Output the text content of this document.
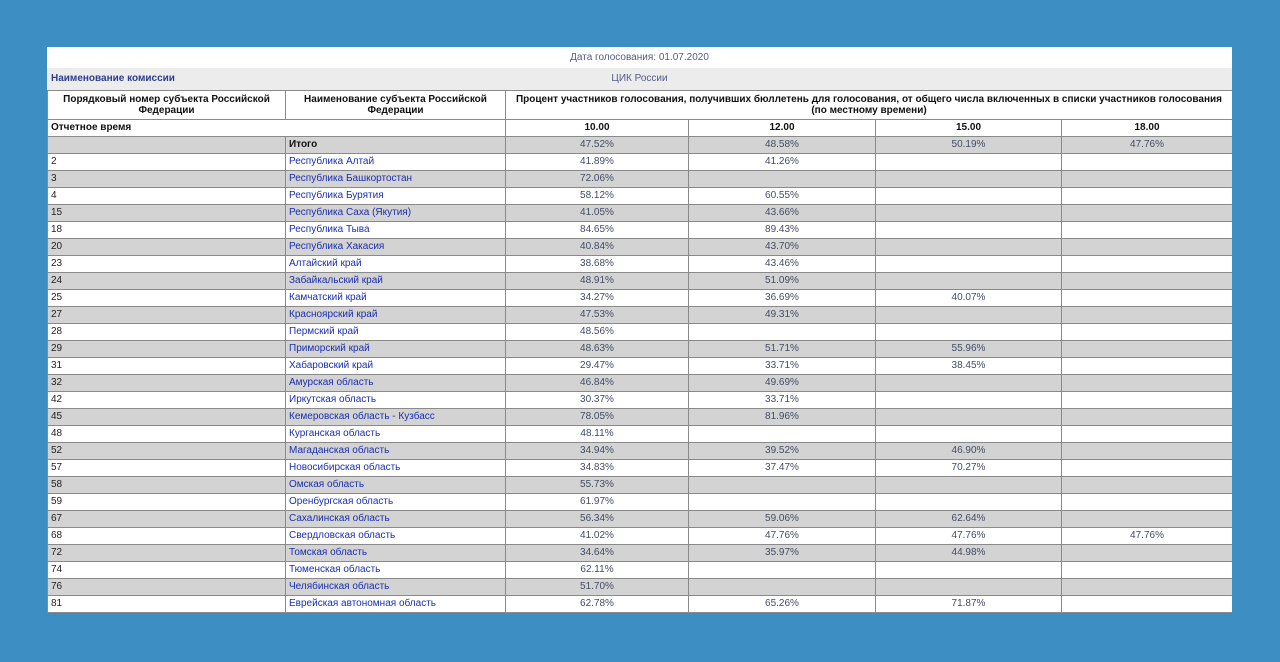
Дата голосования: 01.07.2020
Наименование комиссии	ЦИК России
Порядковый номер субъекта Российской Федерации	Наименование субъекта Российской Федерации	Процент участников голосования, получивших бюллетень для голосования, от общего числа включенных в списки участников голосования (по местному времени)			
Отчетное время		10.00	12.00	15.00	18.00
	Итого	47.52%	48.58%	50.19%	47.76%
2	Республика Алтай	41.89%	41.26%		
3	Республика Башкортостан	72.06%			
4	Республика Бурятия	58.12%	60.55%		
15	Республика Саха (Якутия)	41.05%	43.66%		
18	Республика Тыва	84.65%	89.43%		
20	Республика Хакасия	40.84%	43.70%		
23	Алтайский край	38.68%	43.46%		
24	Забайкальский край	48.91%	51.09%		
25	Камчатский край	34.27%	36.69%	40.07%	
27	Красноярский край	47.53%	49.31%		
28	Пермский край	48.56%			
29	Приморский край	48.63%	51.71%	55.96%	
31	Хабаровский край	29.47%	33.71%	38.45%	
32	Амурская область	46.84%	49.69%		
42	Иркутская область	30.37%	33.71%		
45	Кемеровская область - Кузбасс	78.05%	81.96%		
48	Курганская область	48.11%			
52	Магаданская область	34.94%	39.52%	46.90%	
57	Новосибирская область	34.83%	37.47%	70.27%	
58	Омская область	55.73%			
59	Оренбургская область	61.97%			
67	Сахалинская область	56.34%	59.06%	62.64%	
68	Свердловская область	41.02%	47.76%	47.76%	47.76%
72	Томская область	34.64%	35.97%	44.98%	
74	Тюменская область	62.11%			
76	Челябинская область	51.70%			
81	Еврейская автономная область	62.78%	65.26%	71.87%	
